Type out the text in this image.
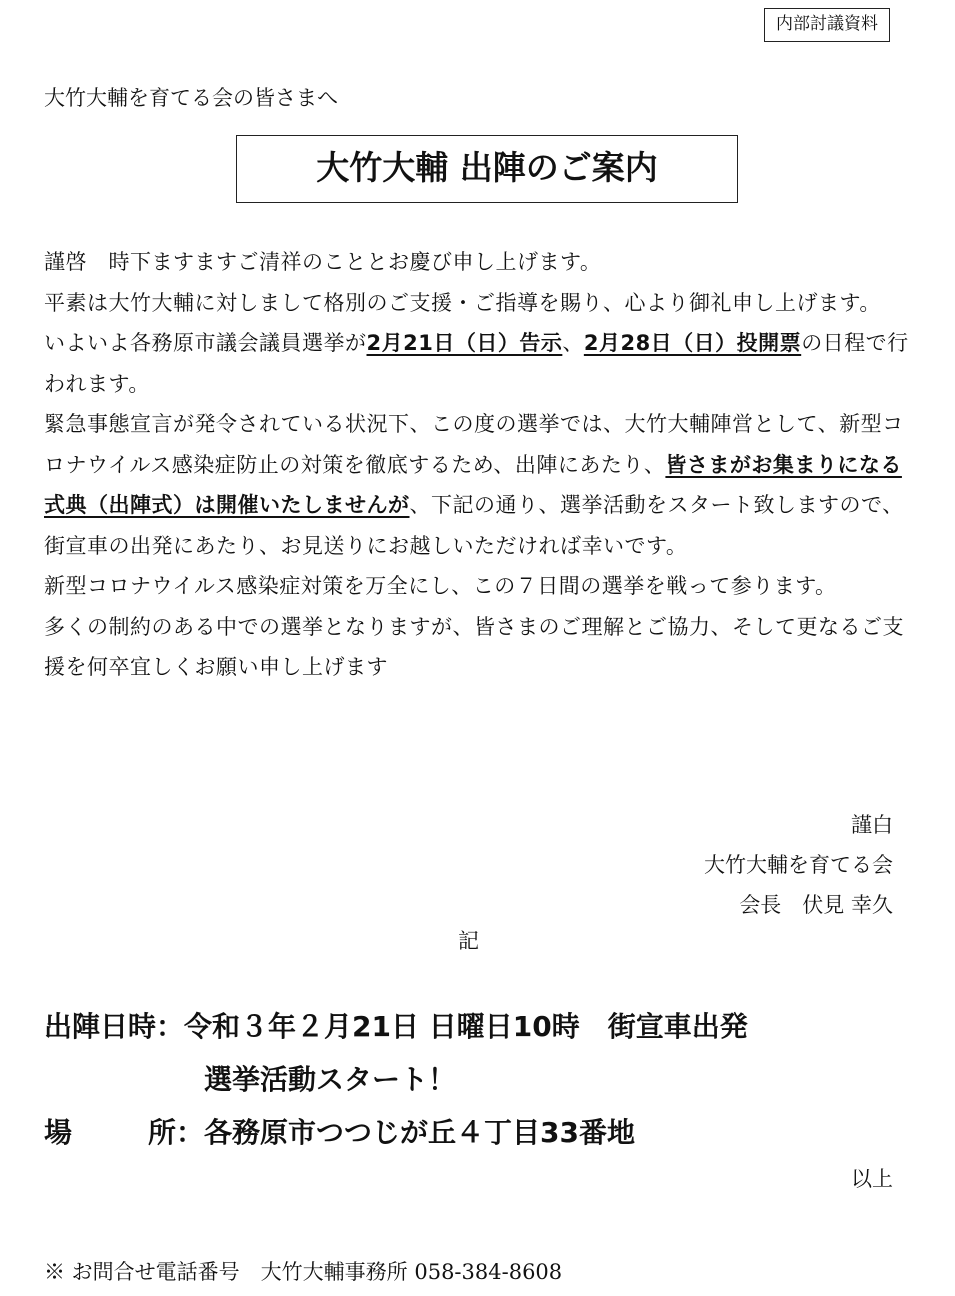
内部討議資料
大竹大輔を育てる会の皆さまへ
大竹大輔 出陣のご案内

謹啓　時下ますますご清祥のこととお慶び申し上げます。

平素は大竹大輔に対しまして格別のご支援・ご指導を賜り、心より御礼申し上げます。

いよいよ各務原市議会議員選挙が2月21日（日）告示、2月28日（日）投開票の日程で行われます。

緊急事態宣言が発令されている状況下、この度の選挙では、大竹大輔陣営として、新型コロナウイルス感染症防止の対策を徹底するため、出陣にあたり、皆さまがお集まりになる式典（出陣式）は開催いたしませんが、下記の通り、選挙活動をスタート致しますので、街宣車の出発にあたり、お見送りにお越しいただければ幸いです。

新型コロナウイルス感染症対策を万全にし、この７日間の選挙を戦って参ります。

多くの制約のある中での選挙となりますが、皆さまのご理解とご協力、そして更なるご支援を何卒宜しくお願い申し上げます

謹白
大竹大輔を育てる会
会長　伏見 幸久
記
出陣日時 ： 令和３年２月21日 日曜日10時　街宣車出発
選挙活動スタート！
場	所 ： 各務原市つつじが丘４丁目33番地
以上
※ お問合せ電話番号　大竹大輔事務所 058-384-8608
